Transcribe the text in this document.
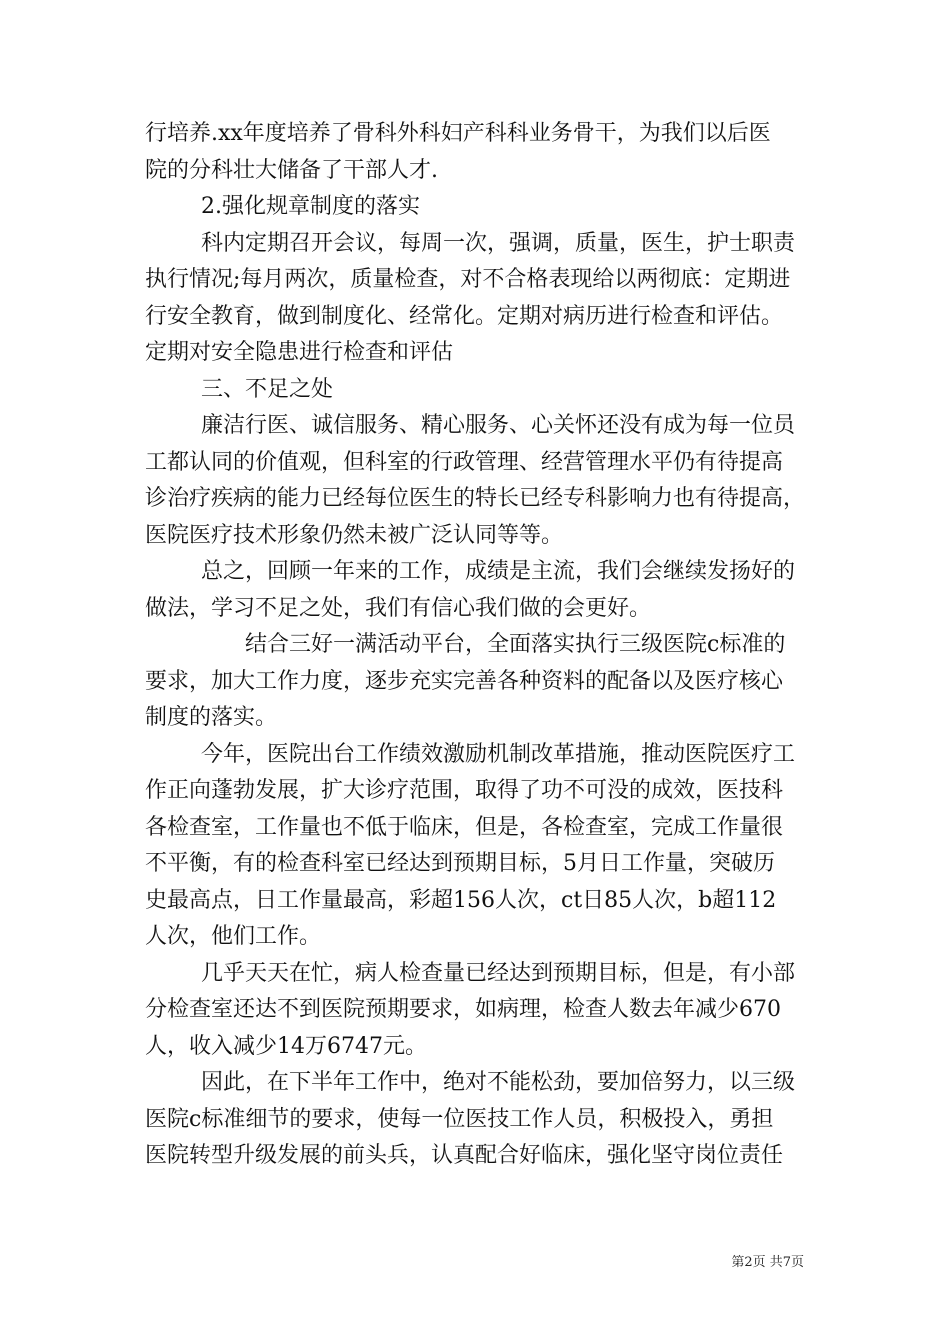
行培养.xx年度培养了骨科外科妇产科科业务骨干，为我们以后医
院的分科壮大储备了干部人才.
2.强化规章制度的落实
科内定期召开会议，每周一次，强调，质量，医生，护士职责
执行情况;每月两次，质量检查，对不合格表现给以两彻底：定期进
行安全教育，做到制度化、经常化。定期对病历进行检查和评估。
定期对安全隐患进行检查和评估
三、不足之处
廉洁行医、诚信服务、精心服务、心关怀还没有成为每一位员
工都认同的价值观，但科室的行政管理、经营管理水平仍有待提高
诊治疗疾病的能力已经每位医生的特长已经专科影响力也有待提高，
医院医疗技术形象仍然未被广泛认同等等。
总之，回顾一年来的工作，成绩是主流，我们会继续发扬好的
做法，学习不足之处，我们有信心我们做的会更好。
结合三好一满活动平台，全面落实执行三级医院c标准的
要求，加大工作力度，逐步充实完善各种资料的配备以及医疗核心
制度的落实。
今年，医院出台工作绩效激励机制改革措施，推动医院医疗工
作正向蓬勃发展，扩大诊疗范围，取得了功不可没的成效，医技科
各检查室，工作量也不低于临床，但是，各检查室，完成工作量很
不平衡，有的检查科室已经达到预期目标，5月日工作量，突破历
史最高点，日工作量最高，彩超156人次，ct日85人次，b超112
人次，他们工作。
几乎天天在忙，病人检查量已经达到预期目标，但是，有小部
分检查室还达不到医院预期要求，如病理，检查人数去年减少670
人，收入减少14万6747元。
因此，在下半年工作中，绝对不能松劲，要加倍努力，以三级
医院c标准细节的要求，使每一位医技工作人员，积极投入，勇担
医院转型升级发展的前头兵，认真配合好临床，强化坚守岗位责任
第2页 共7页
